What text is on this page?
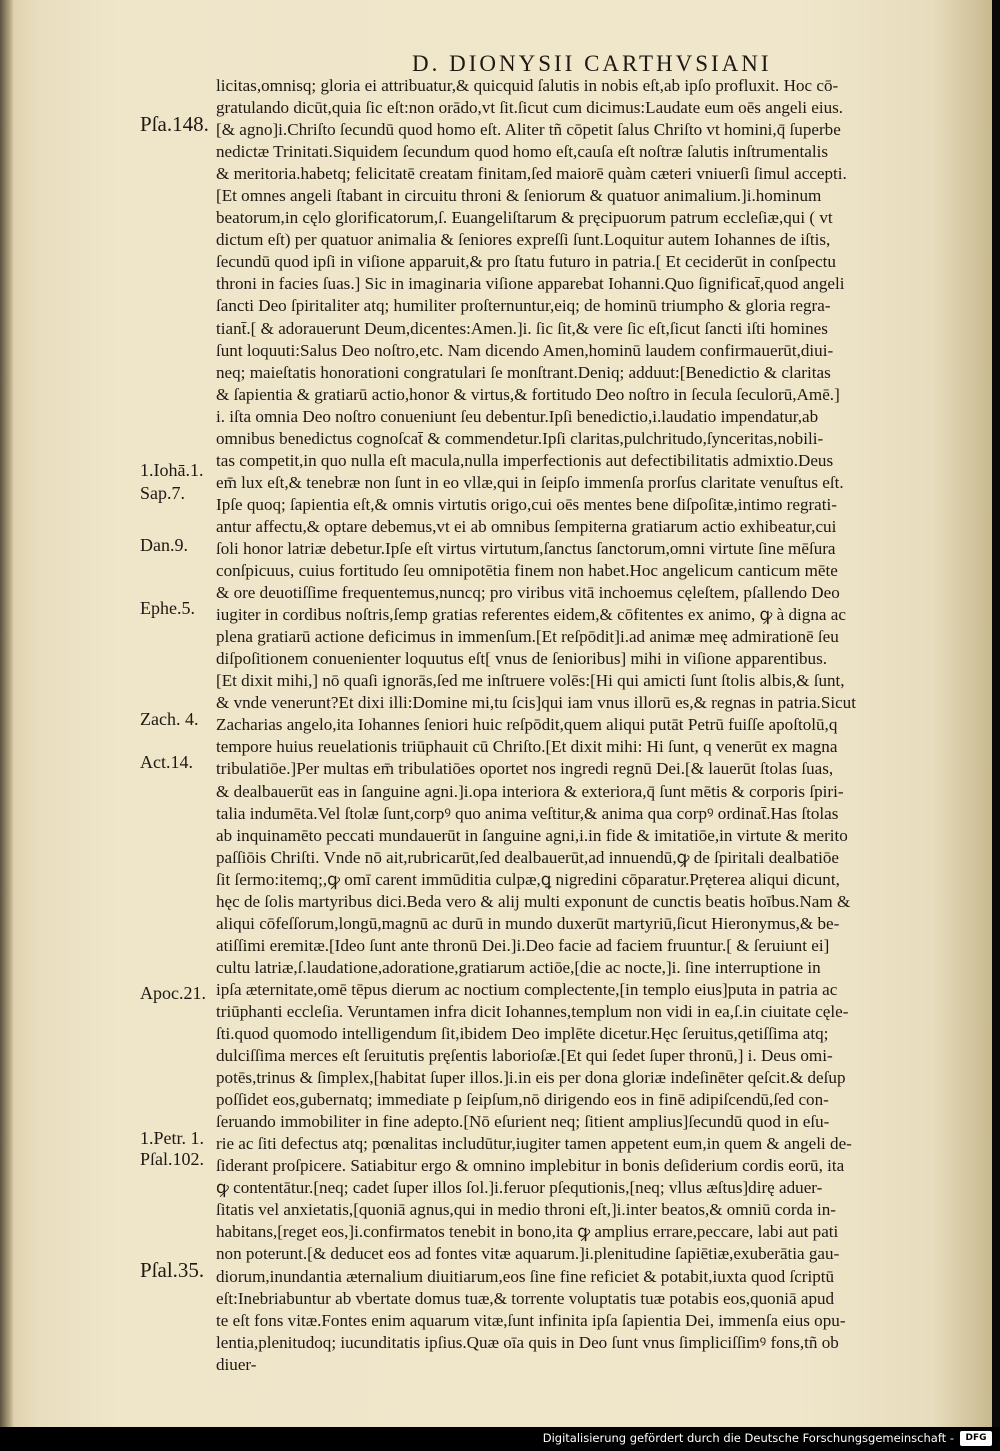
D. DIONYSII CARTHVSIANI
licitas,omnisq; gloria ei attribuatur,& quicquid ſalutis in nobis eſt,ab ipſo profluxit. Hoc cō-
gratulando dicūt,quia ſic eſt:non orādo,vt ſit.ſicut cum dicimus:Laudate eum oēs angeli eius.
[& agno]i.Chriſto ſecundū quod homo eſt. Aliter tñ cōpetit ſalus Chriſto vt homini,q̄ ſuperbe
nedictæ Trinitati.Siquidem ſecundum quod homo eſt,cauſa eſt noſtræ ſalutis inſtrumentalis
& meritoria.habetq; felicitatē creatam finitam,ſed maiorē quàm cæteri vniuerſi ſimul accepti.
[Et omnes angeli ſtabant in circuitu throni & ſeniorum & quatuor animalium.]i.hominum
beatorum,in cęlo glorificatorum,ſ. Euangeliſtarum & pręcipuorum patrum eccleſiæ,qui ( vt
dictum eſt) per quatuor animalia & ſeniores expreſſi ſunt.Loquitur autem Iohannes de iſtis,
ſecundū quod ipſi in viſione apparuit,& pro ſtatu futuro in patria.[ Et ceciderūt in conſpectu
throni in facies ſuas.] Sic in imaginaria viſione apparebat Iohanni.Quo ſignificat̄,quod angeli
ſancti Deo ſpiritaliter atq; humiliter proſternuntur,eiq; de hominū triumpho & gloria regra-
tiant̄.[ & adorauerunt Deum,dicentes:Amen.]i. ſic ſit,& vere ſic eſt,ſicut ſancti iſti homines
ſunt loquuti:Salus Deo noſtro,etc. Nam dicendo Amen,hominū laudem confirmauerūt,diui-
neq; maieſtatis honorationi congratulari ſe monſtrant.Deniq; adduut:[Benedictio & claritas
& ſapientia & gratiarū actio,honor & virtus,& fortitudo Deo noſtro in ſecula ſeculorū,Amē.]
i. iſta omnia Deo noſtro conueniunt ſeu debentur.Ipſi benedictio,i.laudatio impendatur,ab
omnibus benedictus cognoſcat̄ & commendetur.Ipſi claritas,pulchritudo,ſynceritas,nobili-
tas competit,in quo nulla eſt macula,nulla imperfectionis aut defectibilitatis admixtio.Deus
em̄ lux eſt,& tenebræ non ſunt in eo vllæ,qui in ſeipſo immenſa prorſus claritate venuſtus eſt.
Ipſe quoq; ſapientia eſt,& omnis virtutis origo,cui oēs mentes bene diſpoſitæ,intimo regrati-
antur affectu,& optare debemus,vt ei ab omnibus ſempiterna gratiarum actio exhibeatur,cui
ſoli honor latriæ debetur.Ipſe eſt virtus virtutum,ſanctus ſanctorum,omni virtute ſine mēſura
conſpicuus, cuius fortitudo ſeu omnipotētia finem non habet.Hoc angelicum canticum mēte
& ore deuotiſſime frequentemus,nuncq; pro viribus vitā inchoemus cęleſtem, pſallendo Deo
iugiter in cordibus noſtris,ſemp gratias referentes eidem,& cōfitentes ex animo, ꝙ à digna ac
plena gratiarū actione deficimus in immenſum.[Et reſpōdit]i.ad animæ meę admirationē ſeu
diſpoſitionem conuenienter loquutus eſt[ vnus de ſenioribus] mihi in viſione apparentibus.
[Et dixit mihi,] nō quaſi ignorās,ſed me inſtruere volēs:[Hi qui amicti ſunt ſtolis albis,& ſunt,
& vnde venerunt?Et dixi illi:Domine mi,tu ſcis]qui iam vnus illorū es,& regnas in patria.Sicut
Zacharias angelo,ita Iohannes ſeniori huic reſpōdit,quem aliqui putāt Petrū fuiſſe apoſtolū,q
tempore huius reuelationis triūphauit cū Chriſto.[Et dixit mihi: Hi ſunt, q venerūt ex magna
tribulatiōe.]Per multas em̄ tribulatiōes oportet nos ingredi regnū Dei.[& lauerūt ſtolas ſuas,
& dealbauerūt eas in ſanguine agni.]i.opa interiora & exteriora,q̄ ſunt mētis & corporis ſpiri-
talia indumēta.Vel ſtolæ ſunt,corpꝰ quo anima veſtitur,& anima qua corpꝰ ordinat̄.Has ſtolas
ab inquinamēto peccati mundauerūt in ſanguine agni,i.in fide & imitatiōe,in virtute & merito
paſſiōis Chriſti. Vnde nō ait,rubricarūt,ſed dealbauerūt,ad innuendū,ꝙ de ſpiritali dealbatiōe
ſit ſermo:itemq;,ꝙ omī carent immūditia culpæ,ꝗ nigredini cōparatur.Pręterea aliqui dicunt,
hęc de ſolis martyribus dici.Beda vero & alij multi exponunt de cunctis beatis hoībus.Nam &
aliqui cōfeſſorum,longū,magnū ac durū in mundo duxerūt martyriū,ſicut Hieronymus,& be-
atiſſimi eremitæ.[Ideo ſunt ante thronū Dei.]i.Deo facie ad faciem fruuntur.[ & ſeruiunt ei]
cultu latriæ,ſ.laudatione,adoratione,gratiarum actiōe,[die ac nocte,]i. ſine interruptione in
ipſa æternitate,omē tēpus dierum ac noctium complectente,[in templo eius]puta in patria ac
triūphanti eccleſia. Veruntamen infra dicit Iohannes,templum non vidi in ea,ſ.in ciuitate cęle-
ſti.quod quomodo intelligendum ſit,ibidem Deo implēte dicetur.Hęc ſeruitus,qetiſſima atq;
dulciſſima merces eſt ſeruitutis pręſentis laborioſæ.[Et qui ſedet ſuper thronū,] i. Deus omi-
potēs,trinus & ſimplex,[habitat ſuper illos.]i.in eis per dona gloriæ indeſinēter qeſcit.& deſup
poſſidet eos,gubernatq; immediate p ſeipſum,nō dirigendo eos in finē adipiſcendū,ſed con-
ſeruando immobiliter in fine adepto.[Nō eſurient neq; ſitient amplius]ſecundū quod in eſu-
rie ac ſiti defectus atq; pœnalitas includūtur,iugiter tamen appetent eum,in quem & angeli de-
ſiderant proſpicere. Satiabitur ergo & omnino implebitur in bonis deſiderium cordis eorū, ita
ꝙ contentātur.[neq; cadet ſuper illos ſol.]i.feruor pſequtionis,[neq; vllus æſtus]dirę aduer-
ſitatis vel anxietatis,[quoniā agnus,qui in medio throni eſt,]i.inter beatos,& omniū corda in-
habitans,[reget eos,]i.confirmatos tenebit in bono,ita ꝙ amplius errare,peccare, labi aut pati
non poterunt.[& deducet eos ad fontes vitæ aquarum.]i.plenitudine ſapiētiæ,exuberātia gau-
diorum,inundantia æternalium diuitiarum,eos ſine fine reficiet & potabit,iuxta quod ſcriptū
eſt:Inebriabuntur ab vbertate domus tuæ,& torrente voluptatis tuæ potabis eos,quoniā apud
te eſt fons vitæ.Fontes enim aquarum vitæ,ſunt infinita ipſa ſapientia Dei, immenſa eius opu-
lentia,plenitudoq; iucunditatis ipſius.Quæ oīa quis in Deo ſunt vnus ſimpliciſſimꝰ fons,tñ ob
diuer-
Pſa.148.
1.Iohā.1.
Sap.7.
Dan.9.
Ephe.5.
Zach. 4.
Act.14.
Apoc.21.
1.Petr. 1.
Pſal.102.
Pſal.35.
Digitalisierung gefördert durch die Deutsche Forschungsgemeinschaft -	DFG
